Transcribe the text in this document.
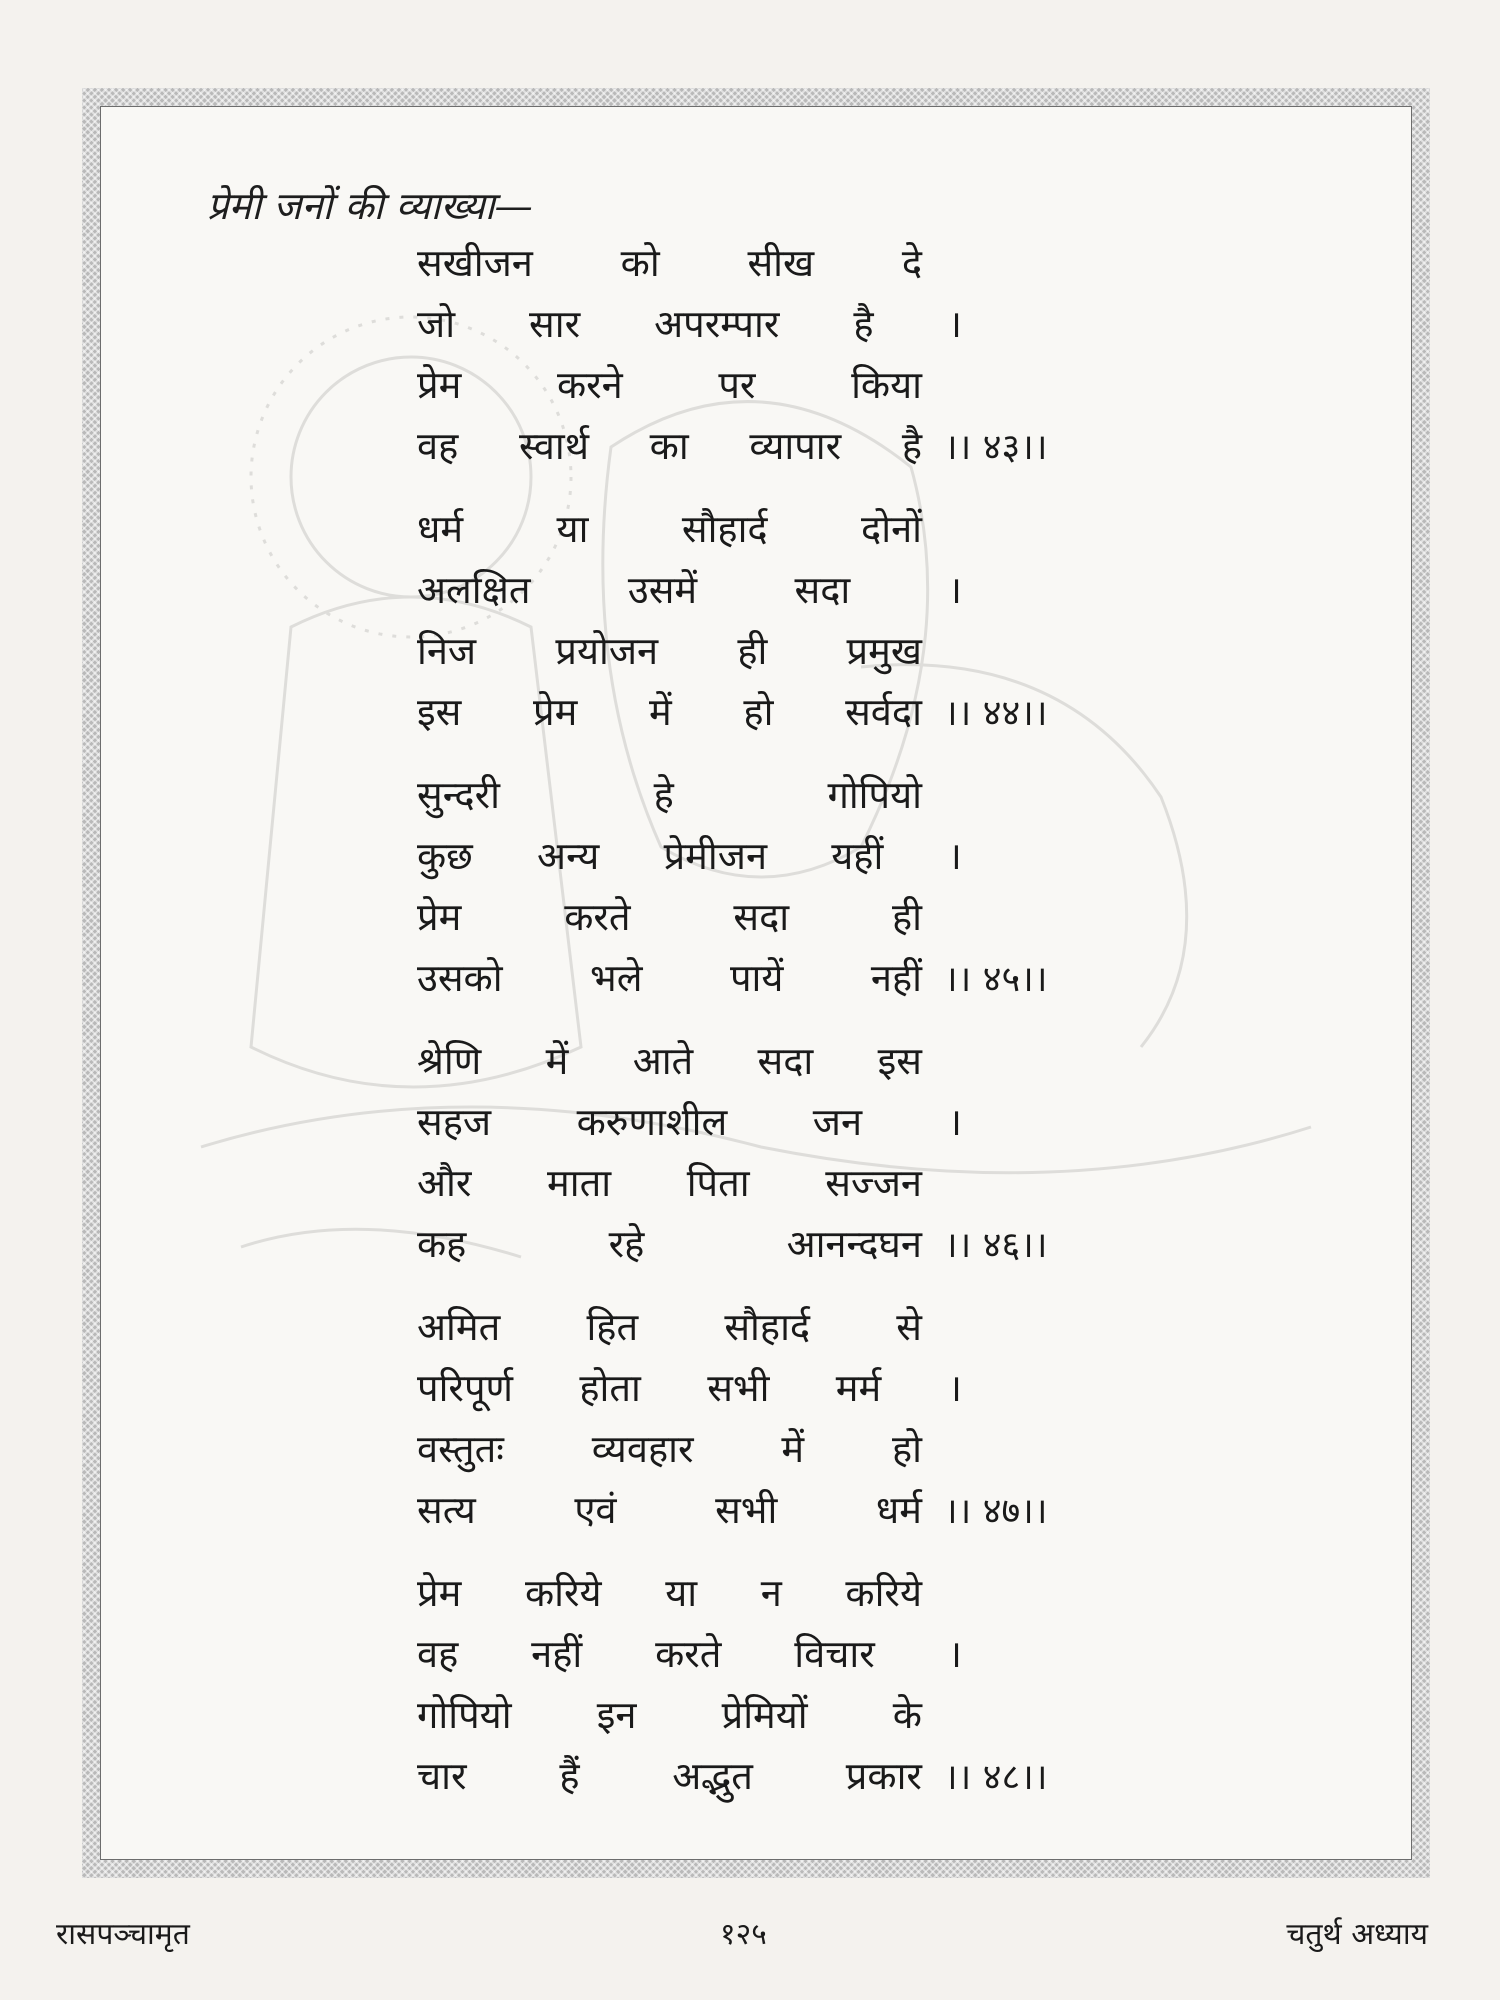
प्रेमी जनों की व्याख्या—
सखीजन को सीख दे
जो सार अपरम्पार है ।
प्रेम	करने	पर	किया
वह स्वार्थ का व्यापार है ।। ४३।।
धर्म या सौहार्द दोनों
अलक्षित	उसमें	सदा	।
निज प्रयोजन ही प्रमुख
इस प्रेम में हो सर्वदा ।। ४४।।
सुन्दरी	हे	गोपियो
कुछ अन्य प्रेमीजन यहीं ।
प्रेम	करते	सदा	ही
उसको भले पायें नहीं ।। ४५।।
श्रेणि में आते सदा इस
सहज करुणाशील जन ।
और माता पिता सज्जन
कह	रहे	आनन्दघन ।। ४६।।
अमित हित सौहार्द से
परिपूर्ण होता सभी मर्म ।
वस्तुतः व्यवहार में हो
सत्य	एवं	सभी	धर्म ।। ४७।।
प्रेम करिये या न करिये
वह नहीं करते विचार ।
गोपियो इन प्रेमियों के
चार हैं अद्भुत प्रकार ।। ४८।।
रासपञ्चामृत	१२५	चतुर्थ अध्याय
